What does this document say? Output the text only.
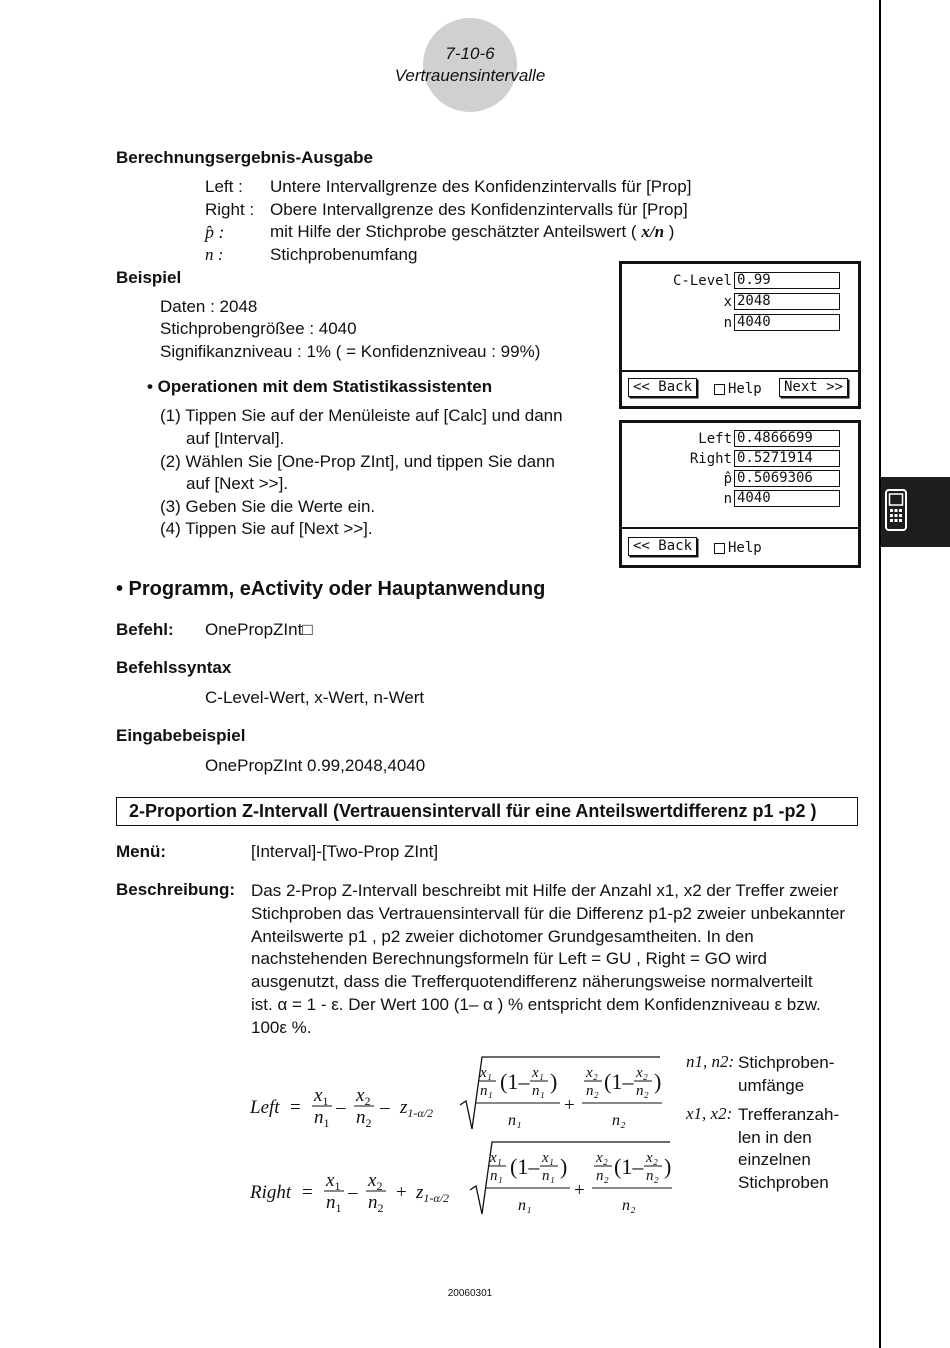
7-10-6
Vertrauensintervalle
Berechnungsergebnis-Ausgabe
Left : Untere Intervallgrenze des Konfidenzintervalls für [Prop]
Right : Obere Intervallgrenze des Konfidenzintervalls für [Prop]
p̂ :	mit Hilfe der Stichprobe geschätzter Anteilswert ( x/n )
n :	Stichprobenumfang
Beispiel
Daten : 2048
Stichprobengrößee : 4040
Signifikanzniveau : 1% ( = Konfidenzniveau : 99%)
• Operationen mit dem Statistikassistenten
(1) Tippen Sie auf der Menüleiste auf [Calc] und dann
auf [Interval].
(2) Wählen Sie [One-Prop ZInt], und tippen Sie dann
auf [Next >>].
(3) Geben Sie die Werte ein.
(4) Tippen Sie auf [Next >>].
C-Level 0.99
x 2048
n 4040
<< Back	Help	Next >>
Left 0.4866699
Right 0.5271914
p̂ 0.5069306
n 4040
<< Back	Help
• Programm, eActivity oder Hauptanwendung
Befehl: OnePropZInt□
Befehlssyntax
C-Level-Wert, x-Wert, n-Wert
Eingabebeispiel
OnePropZInt 0.99,2048,4040
2-Proportion Z-Intervall (Vertrauensintervall für eine Anteilswertdifferenz p1 -p2 )
Menü:	[Interval]-[Two-Prop ZInt]
Beschreibung: Das 2-Prop Z-Intervall beschreibt mit Hilfe der Anzahl x1, x2 der Treffer zweier
Stichproben das Vertrauensintervall für die Differenz p1-p2 zweier unbekannter
Anteilswerte p1 , p2 zweier dichotomer Grundgesamtheiten. In den
nachstehenden Berechnungsformeln für Left = GU , Right = GO wird
ausgenutzt, dass die Trefferquotendifferenz näherungsweise normalverteilt
ist. α = 1 - ε. Der Wert 100 (1– α ) % entspricht dem Konfidenzniveau ε bzw.
100ε %.
Left =
$x_1$
$n_1$
–
$x_2$
$n_2$
– $z_{1-\alpha/2}$
x₁
n₁ (1– x₁
n₁ )
n₁
+
x₂
n₂ (1– x₂
n₂ )
n₂
Right =
$x_1$
$n_1$
–
$x_2$
$n_2$
+ $z_{1-\alpha/2}$
x₁
n₁ (1– x₁
n₁ )
n₁
+
x₂
n₂ (1– x₂
n₂ )
n₂
n1, n2: Stichproben-
umfänge
x1, x2: Trefferanzah-
len in den
einzelnen
Stichproben
20060301
